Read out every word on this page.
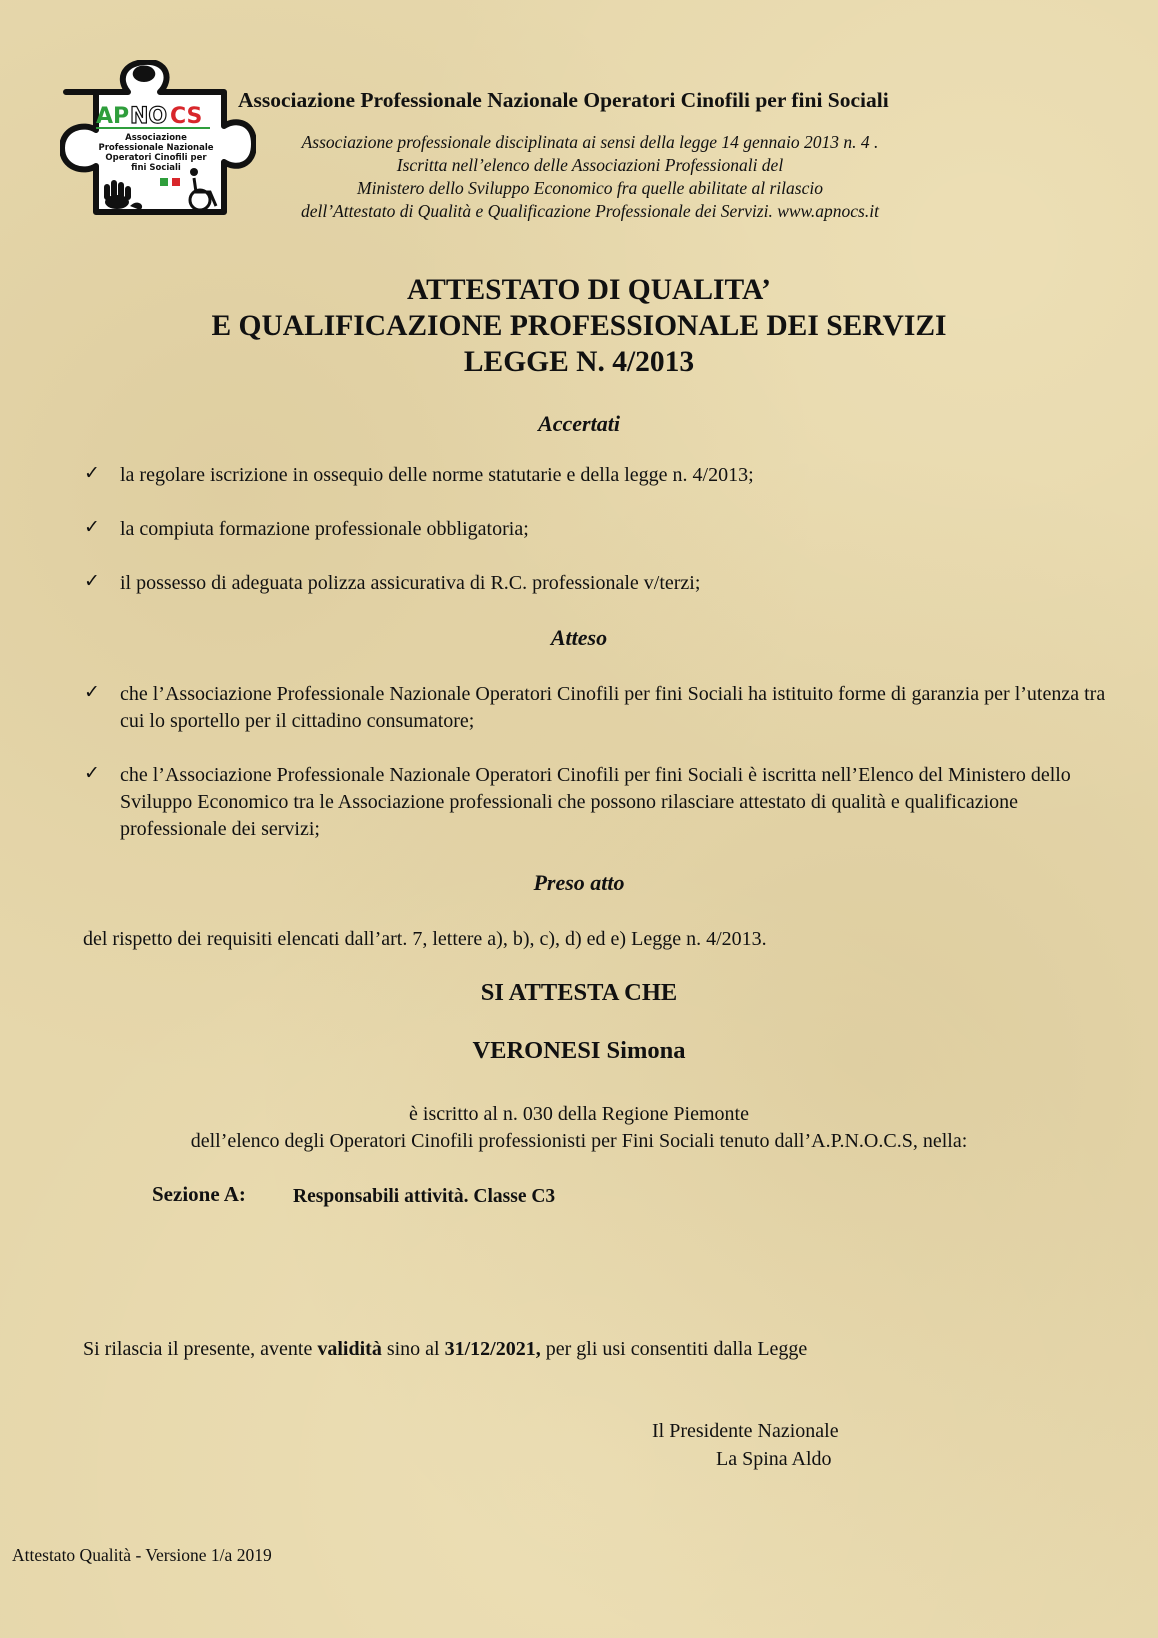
AP NO CS
Associazione
Professionale Nazionale
Operatori Cinofili per
fini Sociali
Associazione Professionale Nazionale Operatori Cinofili per fini Sociali
Associazione professionale disciplinata ai sensi della legge 14 gennaio 2013 n. 4 .
Iscritta nell’elenco delle Associazioni Professionali del
Ministero dello Sviluppo Economico fra quelle abilitate al rilascio
dell’Attestato di Qualità e Qualificazione Professionale dei Servizi. www.apnocs.it
ATTESTATO DI QUALITA’
E QUALIFICAZIONE PROFESSIONALE DEI SERVIZI
LEGGE N. 4/2013
Accertati
✓ la regolare iscrizione in ossequio delle norme statutarie e della legge n. 4/2013;
✓ la compiuta formazione professionale obbligatoria;
✓ il possesso di adeguata polizza assicurativa di R.C. professionale v/terzi;
Atteso
✓ che l’Associazione Professionale Nazionale Operatori Cinofili per fini Sociali ha istituito forme di garanzia per l’utenza tra cui lo sportello per il cittadino consumatore;
✓ che l’Associazione Professionale Nazionale Operatori Cinofili per fini Sociali è iscritta nell’Elenco del Ministero dello Sviluppo Economico tra le Associazione professionali che possono rilasciare attestato di qualità e qualificazione professionale dei servizi;
Preso atto
del rispetto dei requisiti elencati dall’art. 7, lettere a), b), c), d) ed e) Legge n. 4/2013.
SI ATTESTA CHE
VERONESI Simona
è iscritto al n. 030 della Regione Piemonte
dell’elenco degli Operatori Cinofili professionisti per Fini Sociali tenuto dall’A.P.N.O.C.S, nella:
Sezione A: Responsabili attività. Classe C3
Si rilascia il presente, avente validità sino al 31/12/2021, per gli usi consentiti dalla Legge
Il Presidente Nazionale
La Spina Aldo
Attestato Qualità - Versione 1/a 2019
